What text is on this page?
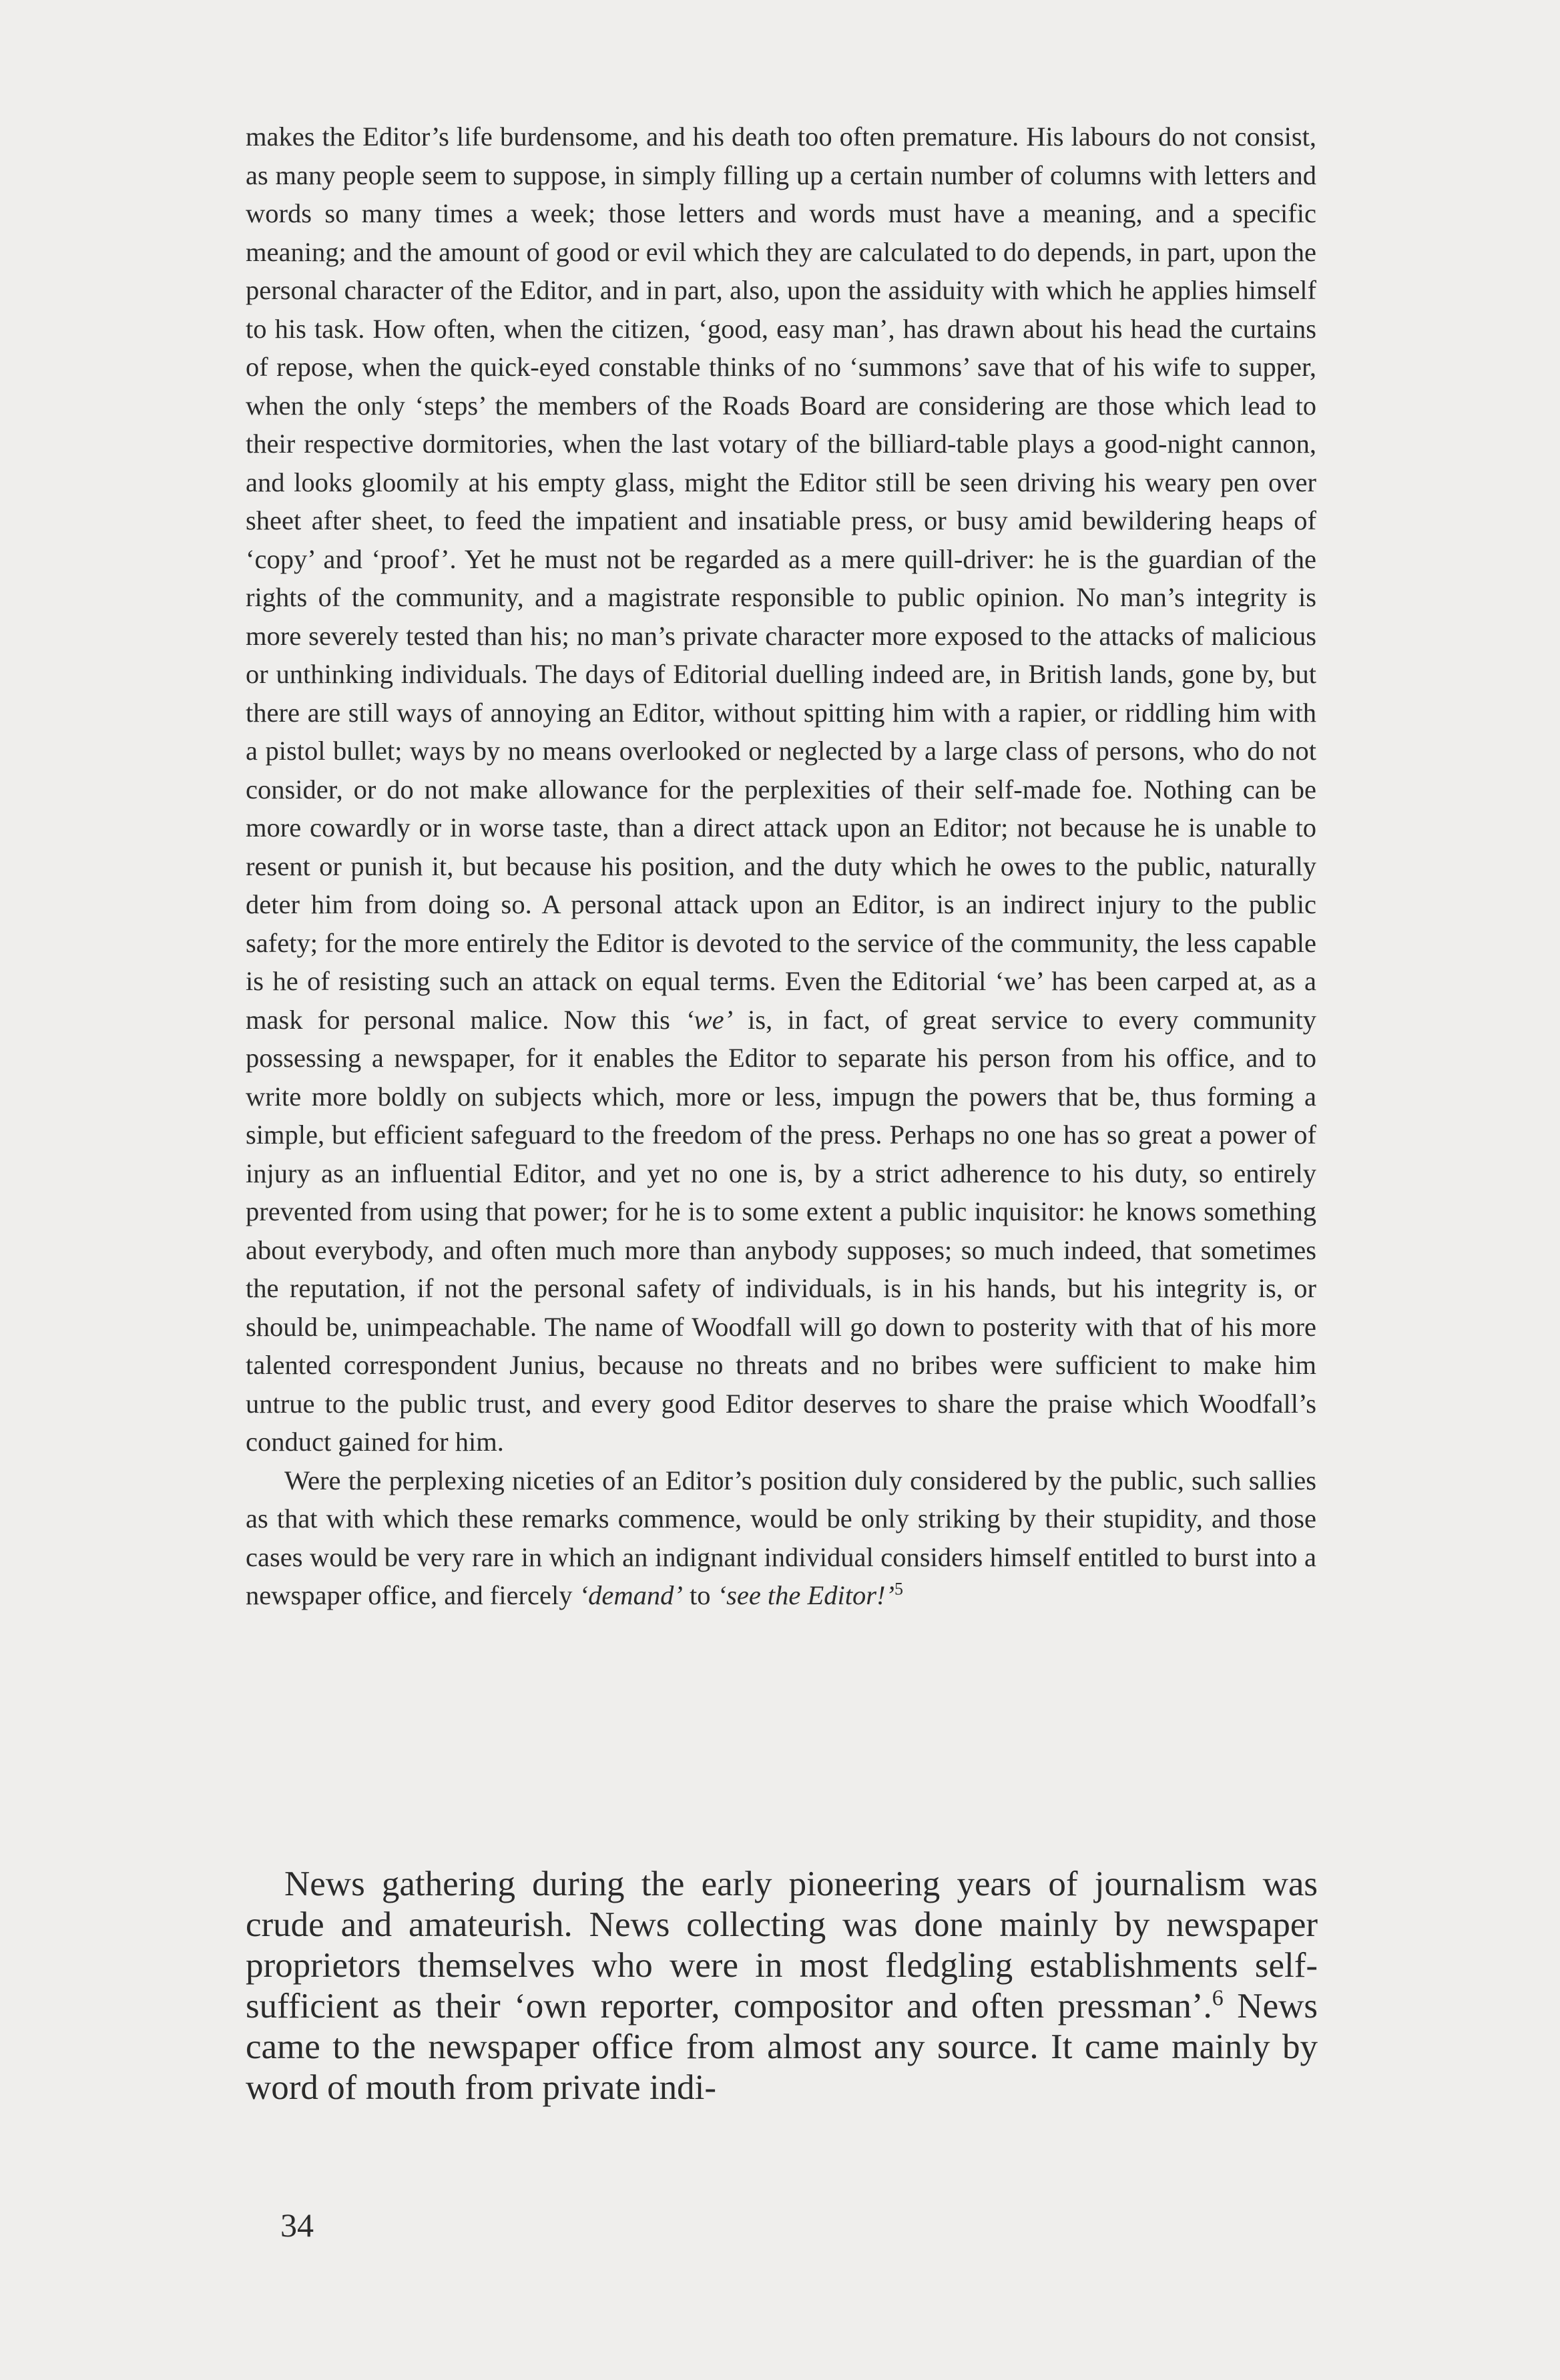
makes the Editor’s life burdensome, and his death too often premature. His labours do not consist, as many people seem to suppose, in simply filling up a certain number of columns with letters and words so many times a week; those letters and words must have a meaning, and a specific meaning; and the amount of good or evil which they are calculated to do depends, in part, upon the personal character of the Editor, and in part, also, upon the assiduity with which he applies himself to his task. How often, when the citizen, ‘good, easy man’, has drawn about his head the curtains of repose, when the quick-eyed constable thinks of no ‘summons’ save that of his wife to supper, when the only ‘steps’ the members of the Roads Board are considering are those which lead to their respective dormitories, when the last votary of the billiard-table plays a good-night cannon, and looks gloomily at his empty glass, might the Editor still be seen driving his weary pen over sheet after sheet, to feed the impatient and insatiable press, or busy amid bewildering heaps of ‘copy’ and ‘proof’. Yet he must not be regarded as a mere quill-driver: he is the guardian of the rights of the community, and a magistrate responsible to public opinion. No man’s integrity is more severely tested than his; no man’s private character more exposed to the attacks of malicious or unthinking individuals. The days of Editorial duelling indeed are, in British lands, gone by, but there are still ways of annoying an Editor, without spitting him with a rapier, or riddling him with a pistol bullet; ways by no means overlooked or neglected by a large class of persons, who do not consider, or do not make allowance for the perplexities of their self-made foe. Nothing can be more cowardly or in worse taste, than a direct attack upon an Editor; not because he is unable to resent or punish it, but because his position, and the duty which he owes to the public, naturally deter him from doing so. A personal attack upon an Editor, is an indirect injury to the public safety; for the more entirely the Editor is devoted to the service of the community, the less capable is he of resisting such an attack on equal terms. Even the Editorial ‘we’ has been carped at, as a mask for personal malice. Now this ‘we’ is, in fact, of great service to every community possessing a newspaper, for it enables the Editor to separate his person from his office, and to write more boldly on subjects which, more or less, impugn the powers that be, thus forming a simple, but efficient safeguard to the freedom of the press. Perhaps no one has so great a power of injury as an influential Editor, and yet no one is, by a strict adherence to his duty, so entirely prevented from using that power; for he is to some extent a public inquisitor: he knows something about everybody, and often much more than anybody supposes; so much indeed, that sometimes the reputation, if not the personal safety of individuals, is in his hands, but his integrity is, or should be, unimpeachable. The name of Woodfall will go down to posterity with that of his more talented correspondent Junius, because no threats and no bribes were sufficient to make him untrue to the public trust, and every good Editor deserves to share the praise which Woodfall’s conduct gained for him.

Were the perplexing niceties of an Editor’s position duly considered by the public, such sallies as that with which these remarks commence, would be only striking by their stupidity, and those cases would be very rare in which an indignant individual considers himself entitled to burst into a newspaper office, and fiercely ‘demand’ to ‘see the Editor!’$^5$

News gathering during the early pioneering years of journalism was crude and amateurish. News collecting was done mainly by newspaper proprietors themselves who were in most fledgling establishments self-sufficient as their ‘own reporter, compositor and often pressman’.$^6$ News came to the newspaper office from almost any source. It came mainly by word of mouth from private indi-

34
